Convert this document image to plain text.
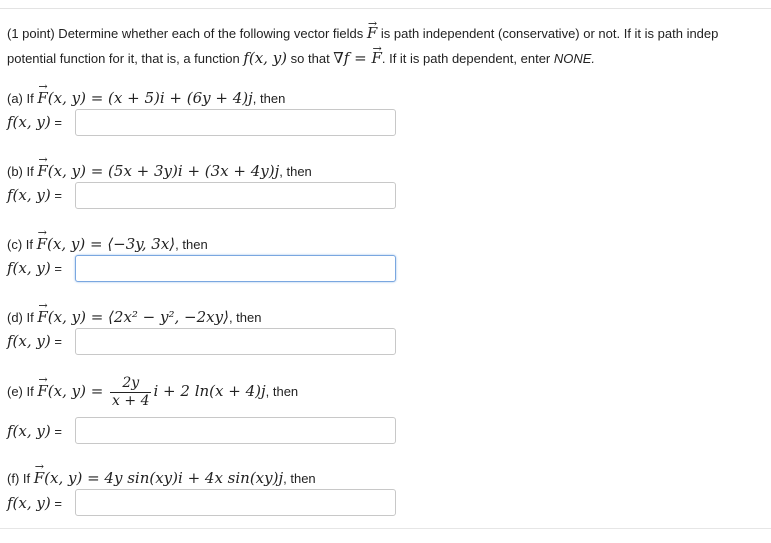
(1 point) Determine whether each of the following vector fields → F is path independent (conservative) or not. If it is path indep
potential function for it, that is, a function f(x, y) so that ∇f = → F. If it is path dependent, enter NONE.
(a) If → F(x, y) = (x + 5)i + (6y + 4)j, then
f(x, y) =
(b) If → F(x, y) = (5x + 3y)i + (3x + 4y)j, then
f(x, y) =
(c) If → F(x, y) = ⟨−3y, 3x⟩, then
f(x, y) =
(d) If → F(x, y) = ⟨2x² − y², −2xy⟩, then
f(x, y) =
(e) If → F(x, $y) = \frac{2y}{x + 4}$ i + 2 ln(x + 4)j, then
f(x, y) =
(f) If → F(x, y) = 4y sin(xy)i + 4x sin(xy)j, then
f(x, y) =
